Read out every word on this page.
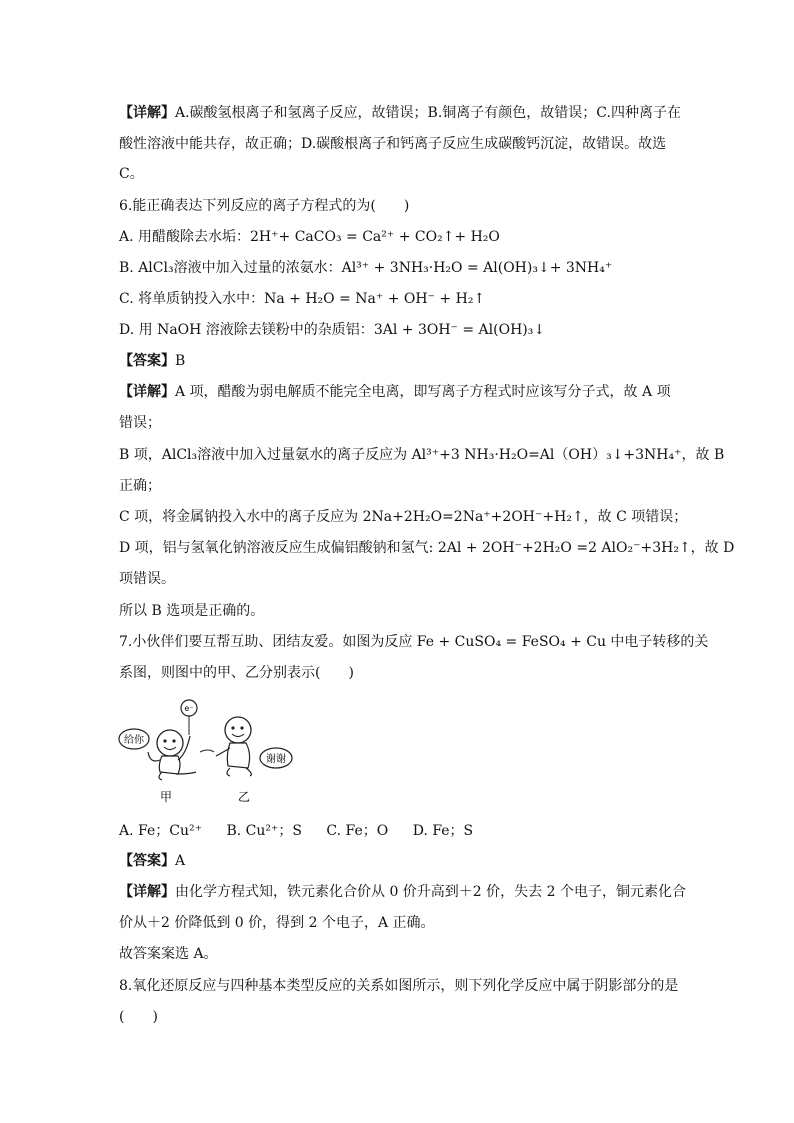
【详解】A.碳酸氢根离子和氢离子反应，故错误；B.铜离子有颜色，故错误；C.四种离子在
酸性溶液中能共存，故正确；D.碳酸根离子和钙离子反应生成碳酸钙沉淀，故错误。故选
C。
6.能正确表达下列反应的离子方程式的为(　　)
A. 用醋酸除去水垢：2H⁺+ CaCO₃ = Ca²⁺ + CO₂↑+ H₂O
B. AlCl₃溶液中加入过量的浓氨水：Al³⁺ + 3NH₃·H₂O = Al(OH)₃↓+ 3NH₄⁺
C. 将单质钠投入水中：Na + H₂O = Na⁺ + OH⁻ + H₂↑
D. 用 NaOH 溶液除去镁粉中的杂质铝：3Al + 3OH⁻ = Al(OH)₃↓
【答案】B
【详解】A 项，醋酸为弱电解质不能完全电离，即写离子方程式时应该写分子式，故 A 项
错误；
B 项，AlCl₃溶液中加入过量氨水的离子反应为 Al³⁺+3 NH₃·H₂O=Al（OH）₃↓+3NH₄⁺，故 B
正确；
C 项，将金属钠投入水中的离子反应为 2Na+2H₂O=2Na⁺+2OH⁻+H₂↑，故 C 项错误；
D 项，铝与氢氧化钠溶液反应生成偏铝酸钠和氢气: 2Al + 2OH⁻+2H₂O =2 AlO₂⁻+3H₂↑，故 D
项错误。
所以 B 选项是正确的。
7.小伙伴们要互帮互助、团结友爱。如图为反应 Fe + CuSO₄ = FeSO₄ + Cu 中电子转移的关
系图，则图中的甲、乙分别表示(　　)
给你
e⁻
谢谢
甲	乙
A. Fe；Cu²⁺ B. Cu²⁺；S C. Fe；O D. Fe；S
【答案】A
【详解】由化学方程式知，铁元素化合价从 0 价升高到＋2 价，失去 2 个电子，铜元素化合
价从＋2 价降低到 0 价，得到 2 个电子，A 正确。
故答案案选 A。
8.氧化还原反应与四种基本类型反应的关系如图所示，则下列化学反应中属于阴影部分的是
(　　)
